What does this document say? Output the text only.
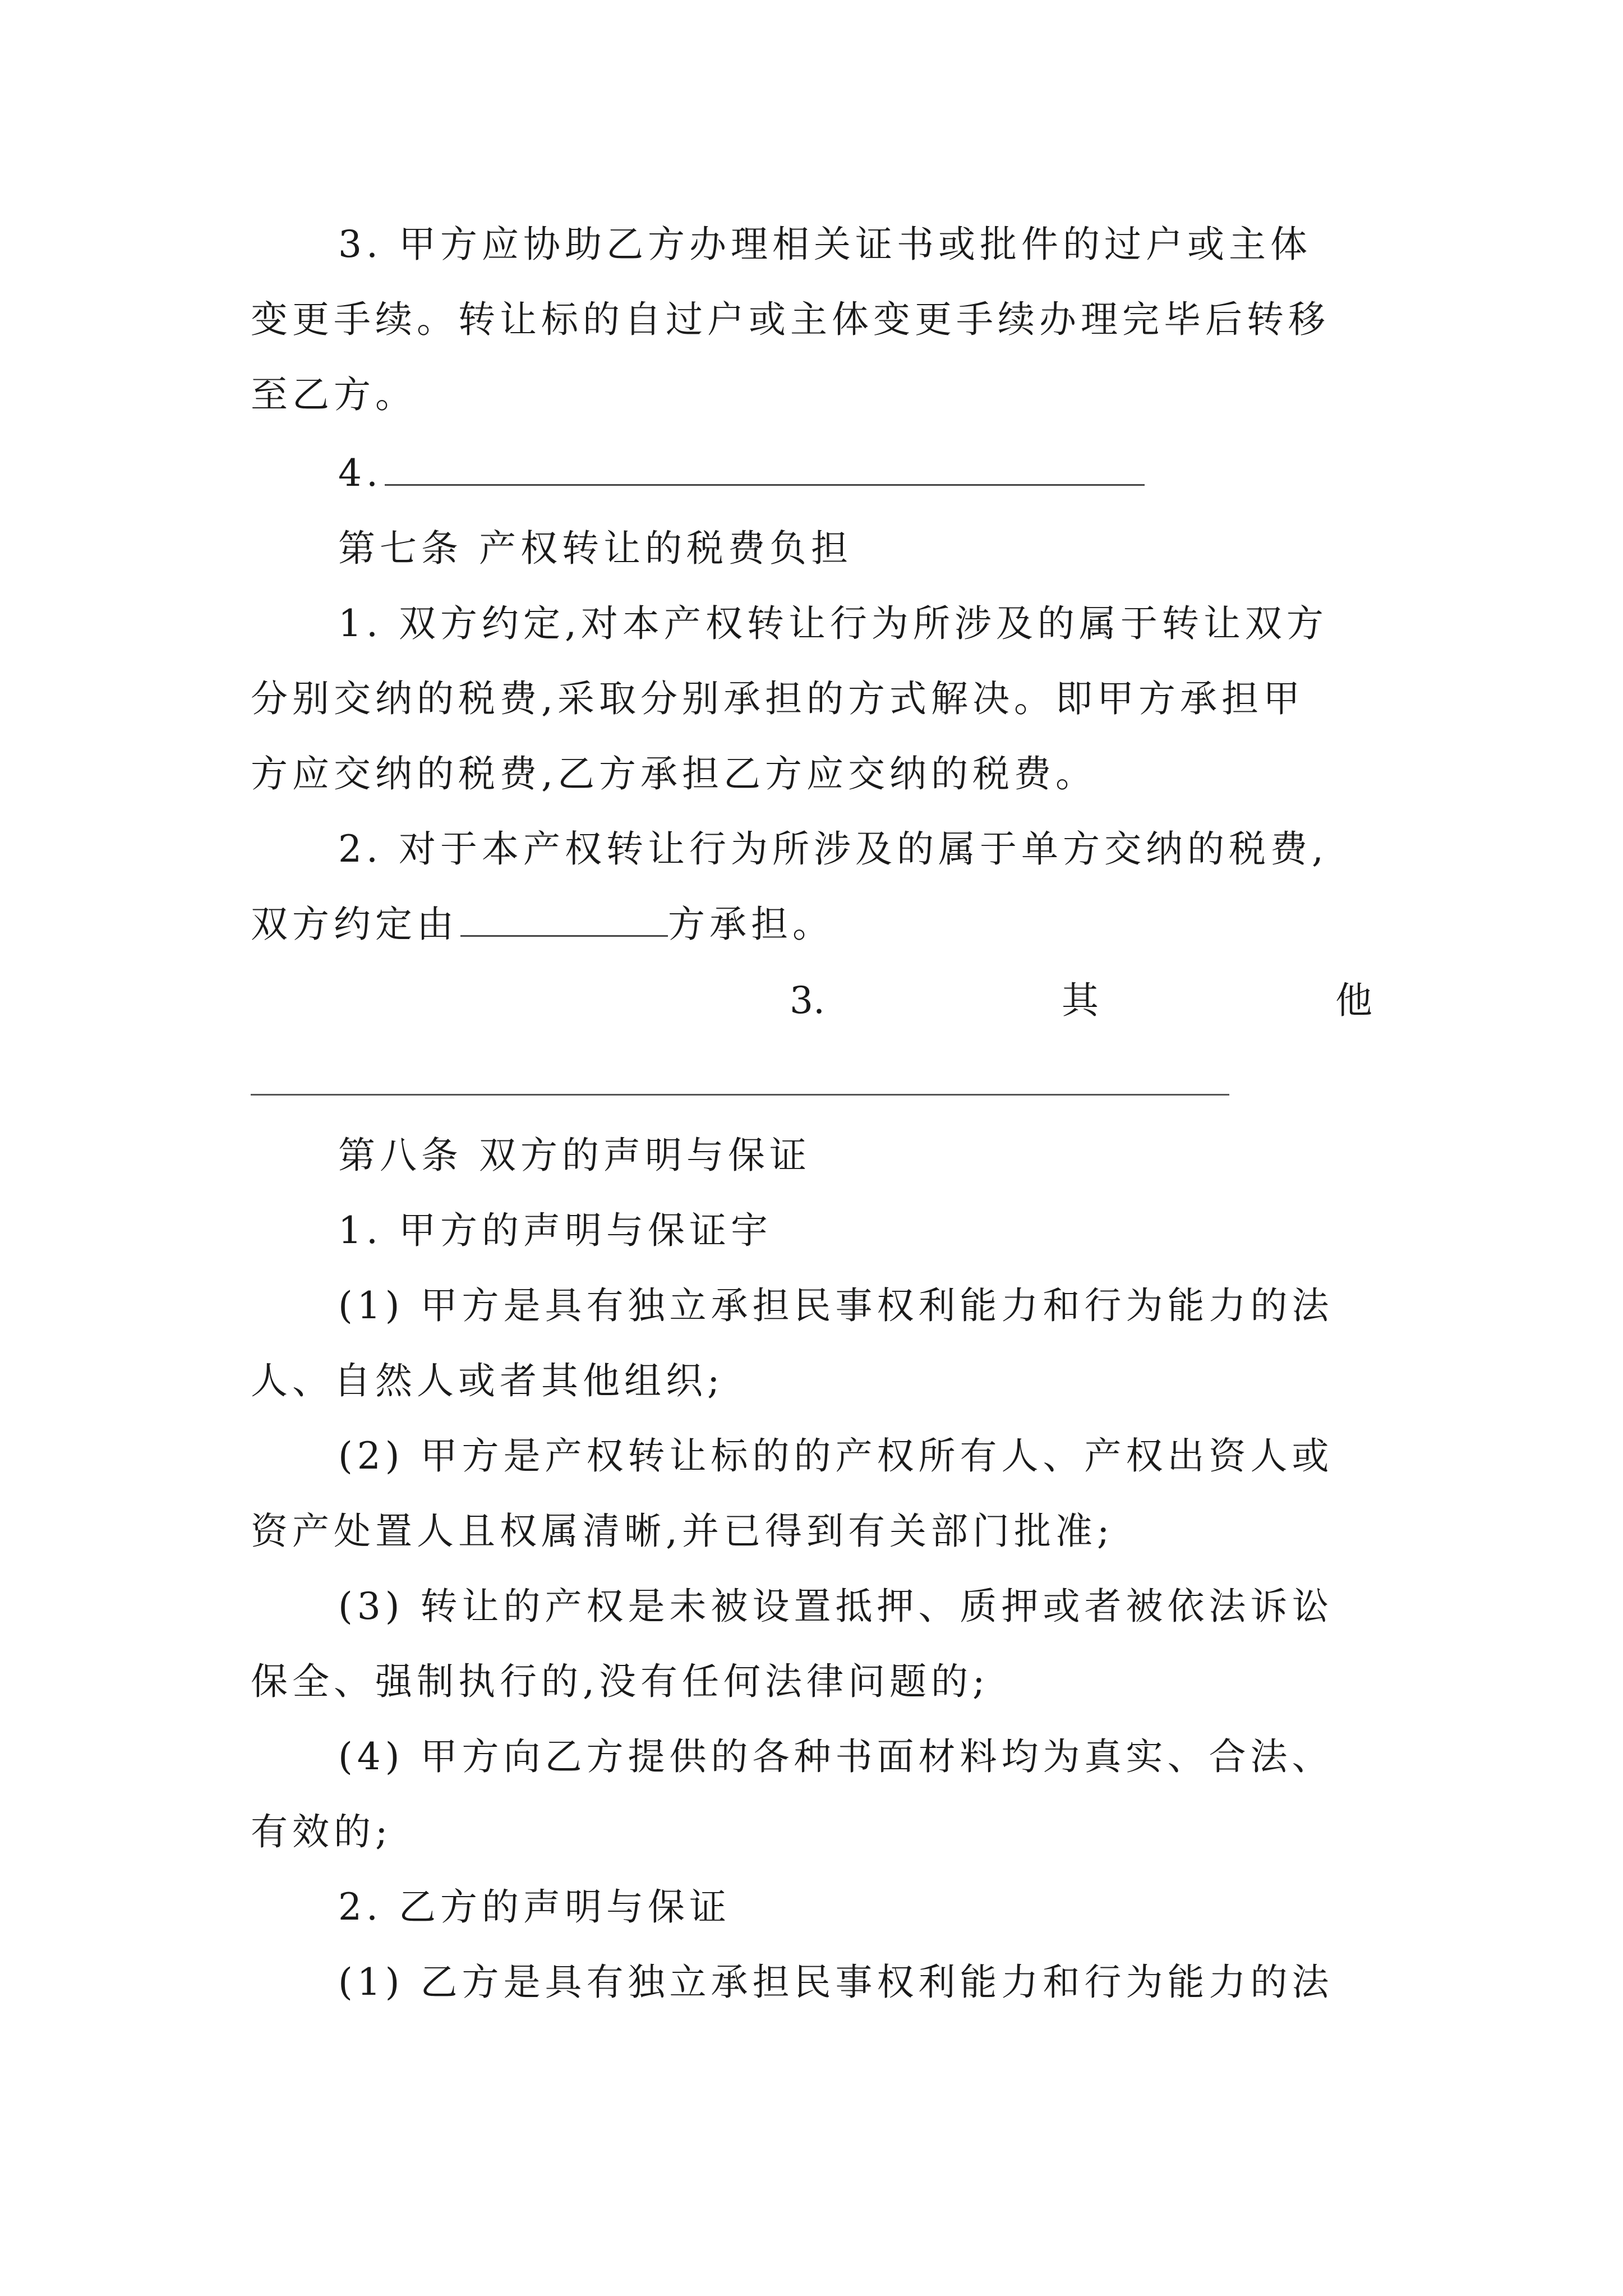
3. 甲方应协助乙方办理相关证书或批件的过户或主体
变更手续。转让标的自过户或主体变更手续办理完毕后转移
至乙方。
4.
第七条 产权转让的税费负担
1. 双方约定,对本产权转让行为所涉及的属于转让双方
分别交纳的税费,采取分别承担的方式解决。即甲方承担甲
方应交纳的税费,乙方承担乙方应交纳的税费。
2. 对于本产权转让行为所涉及的属于单方交纳的税费,
双方约定由	方承担。
3.	其	他
第八条 双方的声明与保证
1. 甲方的声明与保证宇
(1) 甲方是具有独立承担民事权利能力和行为能力的法
人、自然人或者其他组织;
(2) 甲方是产权转让标的的产权所有人、产权出资人或
资产处置人且权属清晰,并已得到有关部门批准;
(3) 转让的产权是未被设置抵押、质押或者被依法诉讼
保全、强制执行的,没有任何法律问题的;
(4) 甲方向乙方提供的各种书面材料均为真实、合法、
有效的;
2. 乙方的声明与保证
(1) 乙方是具有独立承担民事权利能力和行为能力的法
